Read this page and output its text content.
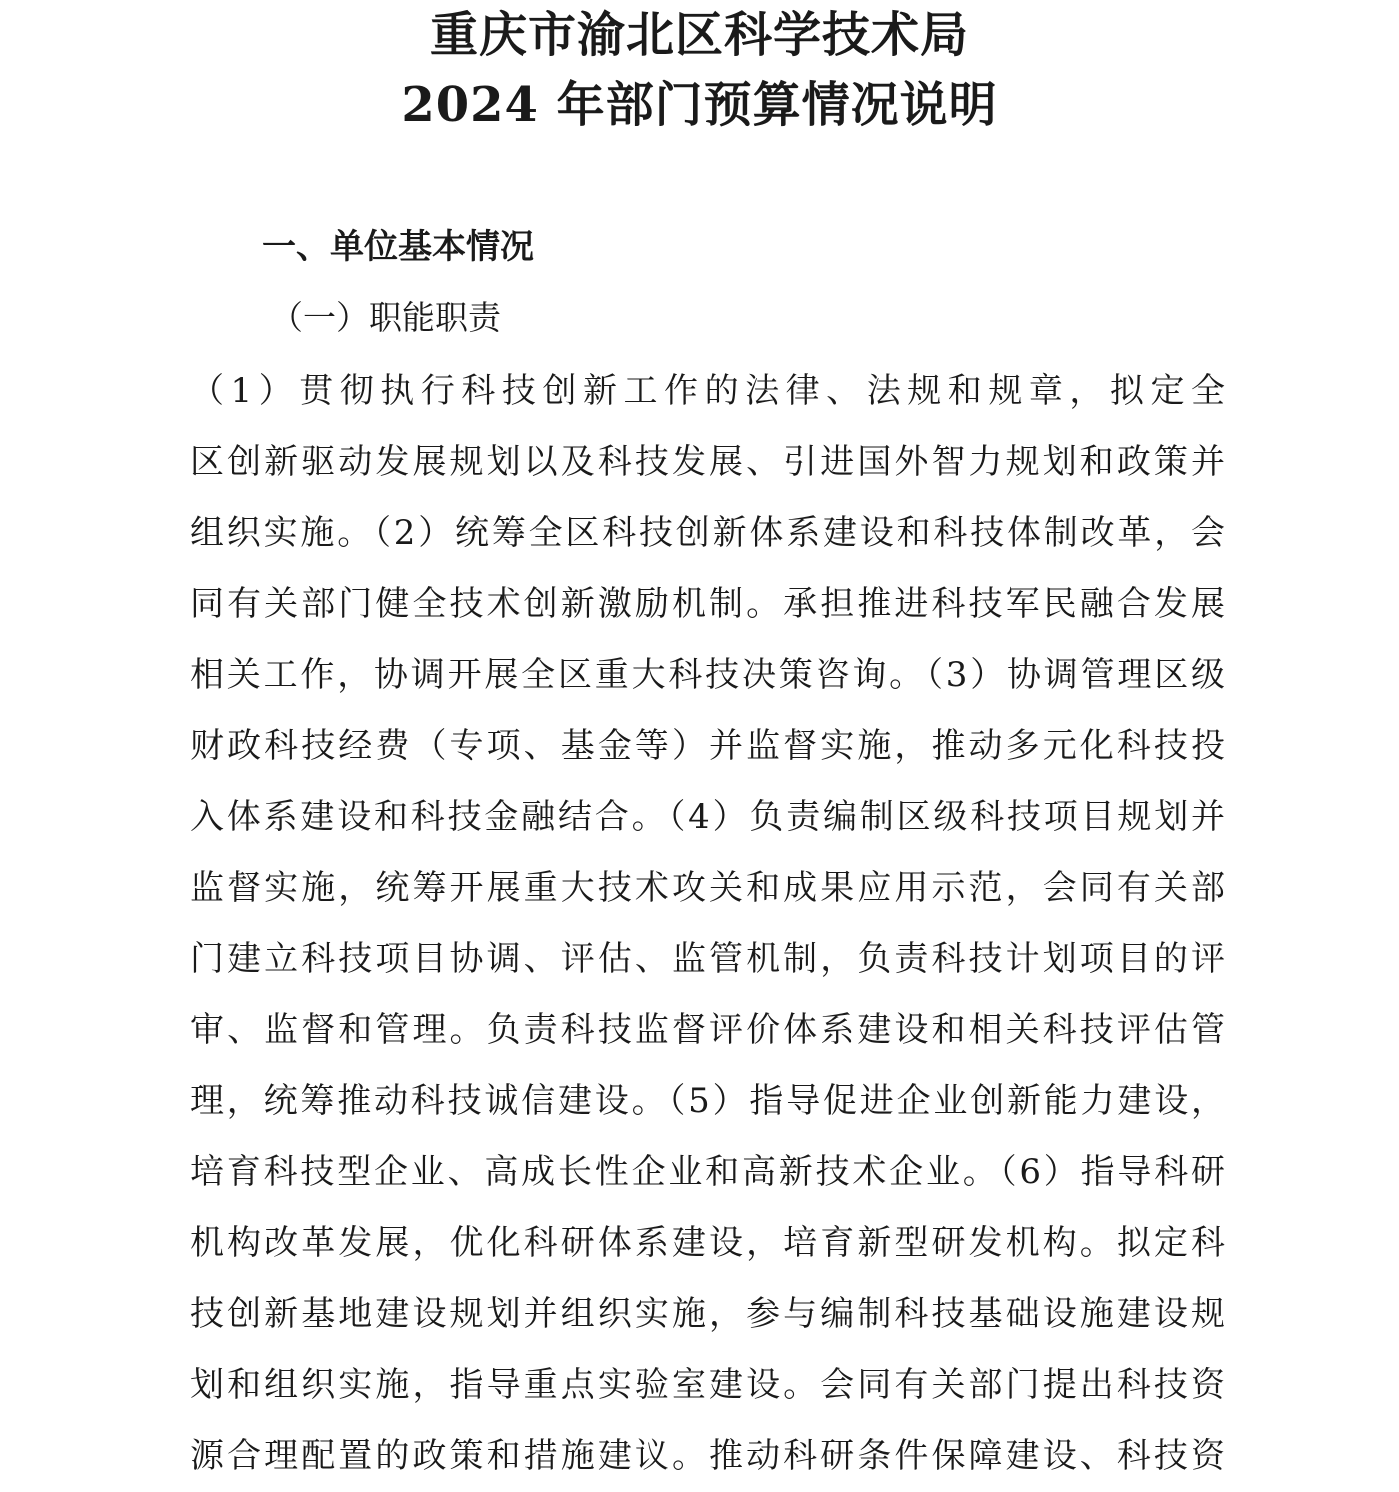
重庆市渝北区科学技术局
2024 年部门预算情况说明
一、单位基本情况
（一）职能职责
（1）贯彻执行科技创新工作的法律、法规和规章，拟定全
区创新驱动发展规划以及科技发展、引进国外智力规划和政策并
组织实施。（2）统筹全区科技创新体系建设和科技体制改革，会
同有关部门健全技术创新激励机制。承担推进科技军民融合发展
相关工作，协调开展全区重大科技决策咨询。（3）协调管理区级
财政科技经费（专项、基金等）并监督实施，推动多元化科技投
入体系建设和科技金融结合。（4）负责编制区级科技项目规划并
监督实施，统筹开展重大技术攻关和成果应用示范，会同有关部
门建立科技项目协调、评估、监管机制，负责科技计划项目的评
审、监督和管理。负责科技监督评价体系建设和相关科技评估管
理，统筹推动科技诚信建设。（5）指导促进企业创新能力建设，
培育科技型企业、高成长性企业和高新技术企业。（6）指导科研
机构改革发展，优化科研体系建设，培育新型研发机构。拟定科
技创新基地建设规划并组织实施，参与编制科技基础设施建设规
划和组织实施，指导重点实验室建设。会同有关部门提出科技资
源合理配置的政策和措施建议。推动科研条件保障建设、科技资
